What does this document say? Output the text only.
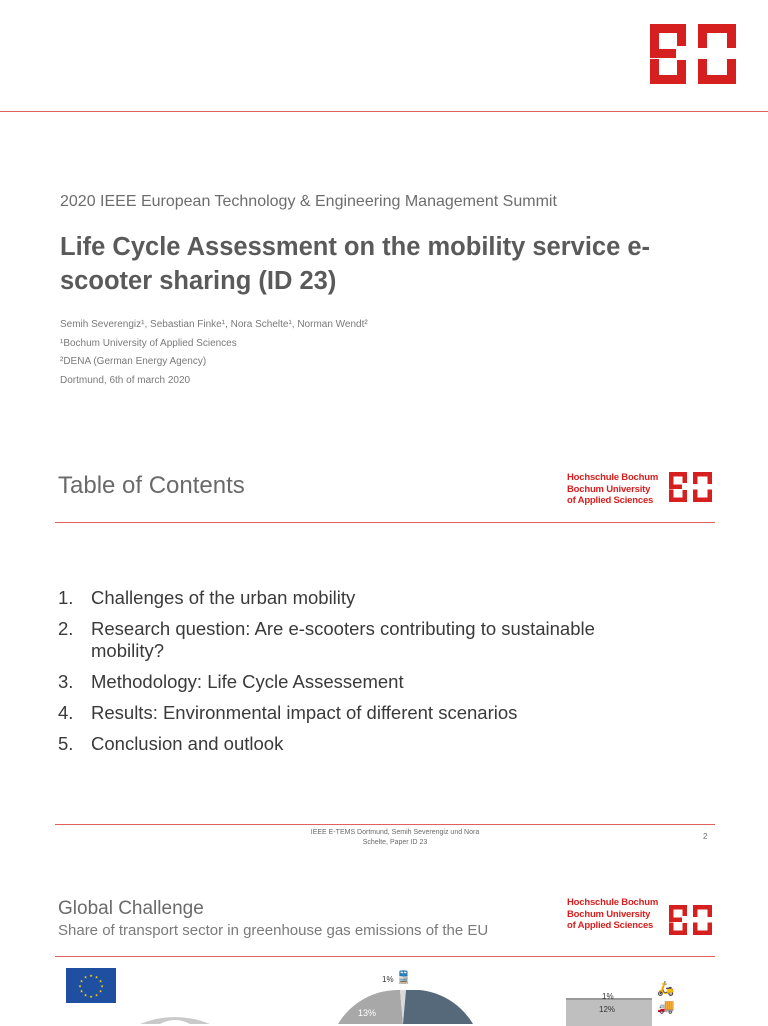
2020 IEEE European Technology & Engineering Management Summit
Life Cycle Assessment on the mobility service e-scooter sharing (ID 23)
Semih Severengiz¹, Sebastian Finke¹, Nora Schelte¹, Norman Wendt²
¹Bochum University of Applied Sciences
²DENA (German Energy Agency)
Dortmund, 6th of march 2020
Table of Contents	Hochschule Bochum
Bochum University
of Applied Sciences
1. Challenges of the urban mobility
2. Research question: Are e-scooters contributing to sustainable mobility?
3. Methodology: Life Cycle Assessement
4. Results: Environmental impact of different scenarios
5. Conclusion and outlook
IEEE E-TEMS Dortmund, Semih Severengiz und Nora
Schelte, Paper ID 23
2
Global Challenge
Share of transport sector in greenhouse gas emissions of the EU
Hochschule Bochum
Bochum University
of Applied Sciences
★ ★
★
★
★
★
★
★
★
★
★
★	1% 🚆
13%
1%
12%
🛵
🚚
